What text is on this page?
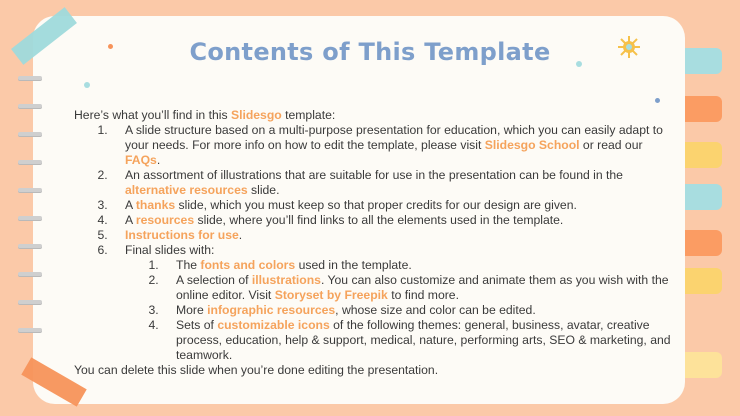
Contents of This Template

Here’s what you’ll find in this Slidesgo template:

1. A slide structure based on a multi-purpose presentation for education, which you can easily adapt to your needs. For more info on how to edit the template, please visit Slidesgo School or read our FAQs.
2. An assortment of illustrations that are suitable for use in the presentation can be found in the alternative resources slide.
3. A thanks slide, which you must keep so that proper credits for our design are given.
4. A resources slide, where you’ll find links to all the elements used in the template.
5. Instructions for use.
6. Final slides with:
1. The fonts and colors used in the template.
2. A selection of illustrations. You can also customize and animate them as you wish with the online editor. Visit Storyset by Freepik to find more.
3. More infographic resources, whose size and color can be edited.
4. Sets of customizable icons of the following themes: general, business, avatar, creative process, education, help & support, medical, nature, performing arts, SEO & marketing, and teamwork.

You can delete this slide when you’re done editing the presentation.
